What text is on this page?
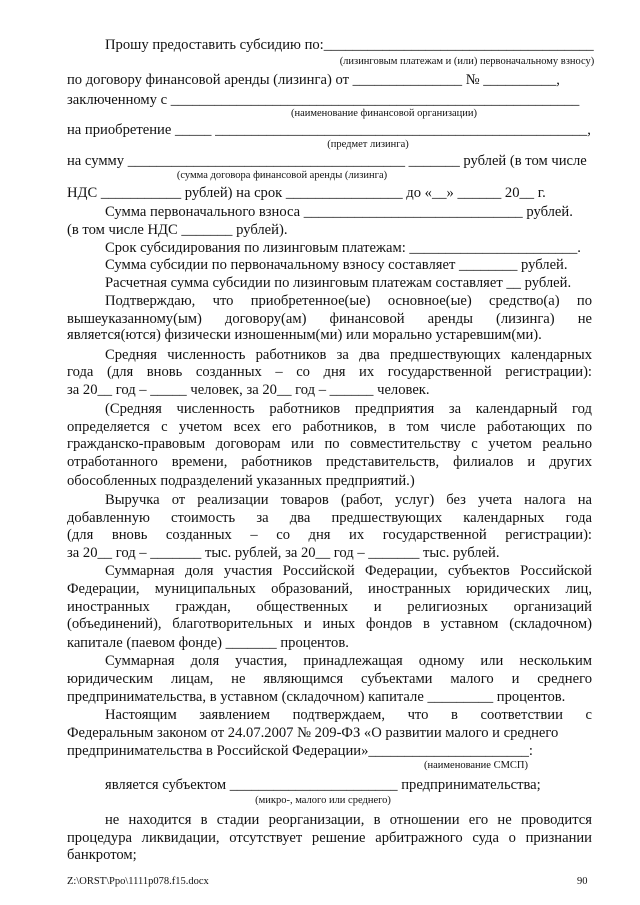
Прошу предоставить субсидию по:_____________________________________
(лизинговым платежам и (или) первоначальному взносу)
по договору финансовой аренды (лизинга) от _______________ № __________,
заключенному с ________________________________________________________
(наименование финансовой организации)
на приобретение _____ ___________________________________________________,
(предмет лизинга)
на сумму ______________________________________ _______ рублей (в том числе
(сумма договора финансовой аренды (лизинга)
НДС ___________ рублей) на срок ________________ до «__» ______ 20__ г.
Сумма первоначального взноса ______________________________ рублей.
(в том числе НДС _______ рублей).
Срок субсидирования по лизинговым платежам: _______________________.
Сумма субсидии по первоначальному взносу составляет ________ рублей.
Расчетная сумма субсидии по лизинговым платежам составляет __ рублей.
Подтверждаю, что приобретенное(ые) основное(ые) средство(а) по
вышеуказанному(ым) договору(ам) финансовой аренды (лизинга) не
является(ются) физически изношенным(ми) или морально устаревшим(ми).
Средняя численность работников за два предшествующих календарных
года (для вновь созданных – со дня их государственной регистрации):
за 20__ год – _____ человек, за 20__ год – ______ человек.
(Средняя численность работников предприятия за календарный год
определяется с учетом всех его работников, в том числе работающих по
гражданско-правовым договорам или по совместительству с учетом реально
отработанного времени, работников представительств, филиалов и других
обособленных подразделений указанных предприятий.)
Выручка от реализации товаров (работ, услуг) без учета налога на
добавленную стоимость за два предшествующих календарных года
(для вновь созданных – со дня их государственной регистрации):
за 20__ год – _______ тыс. рублей, за 20__ год – _______ тыс. рублей.
Суммарная доля участия Российской Федерации, субъектов Российской
Федерации, муниципальных образований, иностранных юридических лиц,
иностранных граждан, общественных и религиозных организаций
(объединений), благотворительных и иных фондов в уставном (складочном)
капитале (паевом фонде) _______ процентов.
Суммарная доля участия, принадлежащая одному или нескольким
юридическим лицам, не являющимся субъектами малого и среднего
предпринимательства, в уставном (складочном) капитале _________ процентов.
Настоящим заявлением подтверждаем, что в соответствии с
Федеральным законом от 24.07.2007 № 209-ФЗ «О развитии малого и среднего
предпринимательства в Российской Федерации»______________________:
(наименование СМСП)
является субъектом _______________________ предпринимательства;
(микро-, малого или среднего)
не находится в стадии реорганизации, в отношении его не проводится
процедура ликвидации, отсутствует решение арбитражного суда о признании
банкротом;
Z:\ORST\Ppo\1111p078.f15.docx	90
